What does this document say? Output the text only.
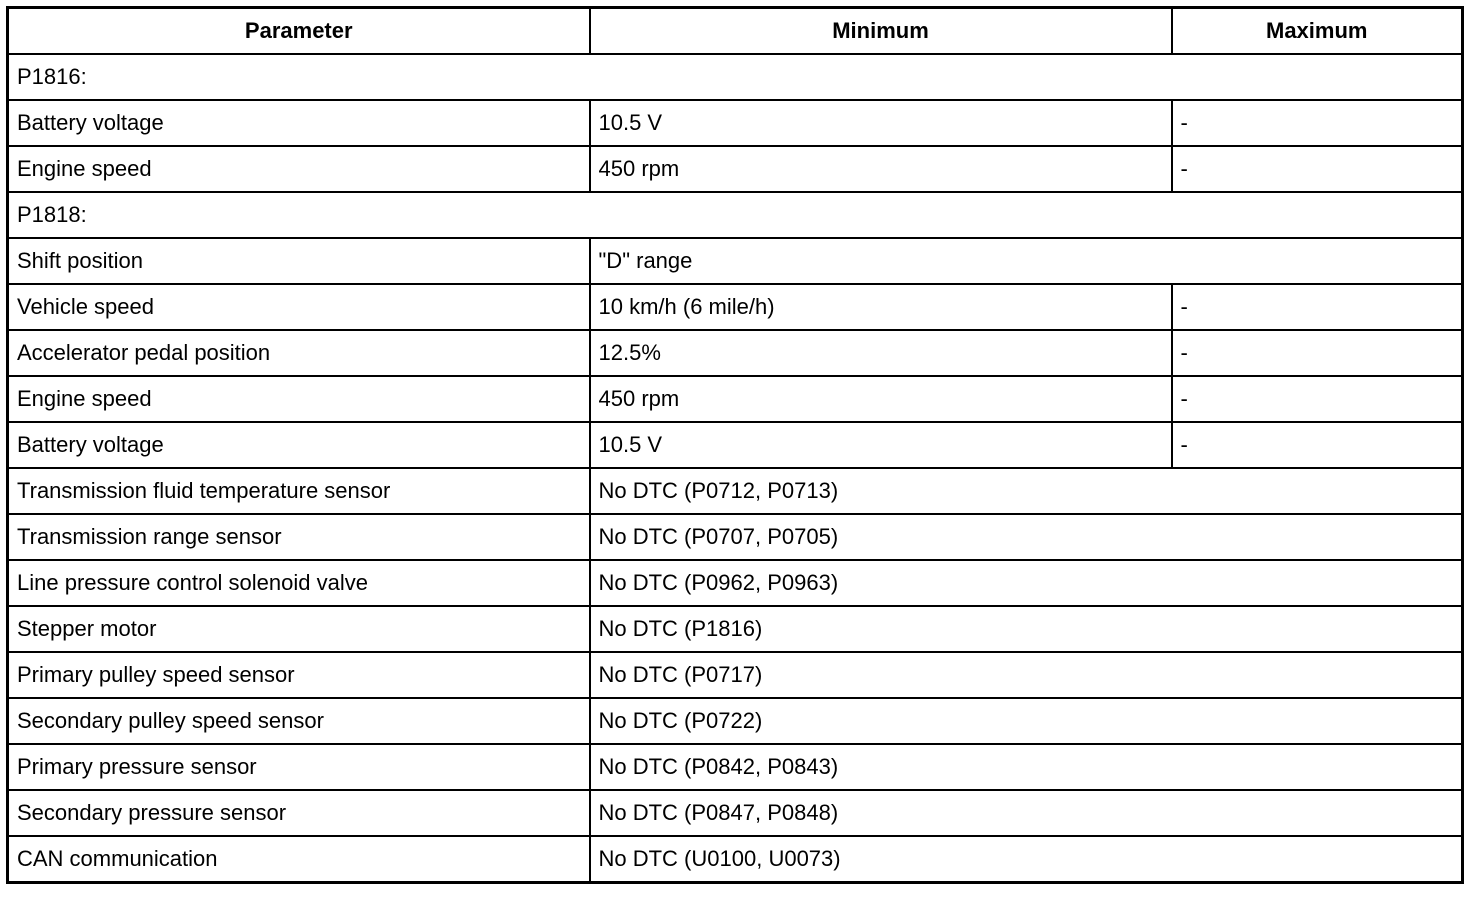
Parameter	Minimum	Maximum
P1816:		
Battery voltage	10.5 V	-
Engine speed	450 rpm	-
P1818:		
Shift position	"D" range	
Vehicle speed	10 km/h (6 mile/h)	-
Accelerator pedal position	12.5%	-
Engine speed	450 rpm	-
Battery voltage	10.5 V	-
Transmission fluid temperature sensor	No DTC (P0712, P0713)	
Transmission range sensor	No DTC (P0707, P0705)	
Line pressure control solenoid valve	No DTC (P0962, P0963)	
Stepper motor	No DTC (P1816)	
Primary pulley speed sensor	No DTC (P0717)	
Secondary pulley speed sensor	No DTC (P0722)	
Primary pressure sensor	No DTC (P0842, P0843)	
Secondary pressure sensor	No DTC (P0847, P0848)	
CAN communication	No DTC (U0100, U0073)	
